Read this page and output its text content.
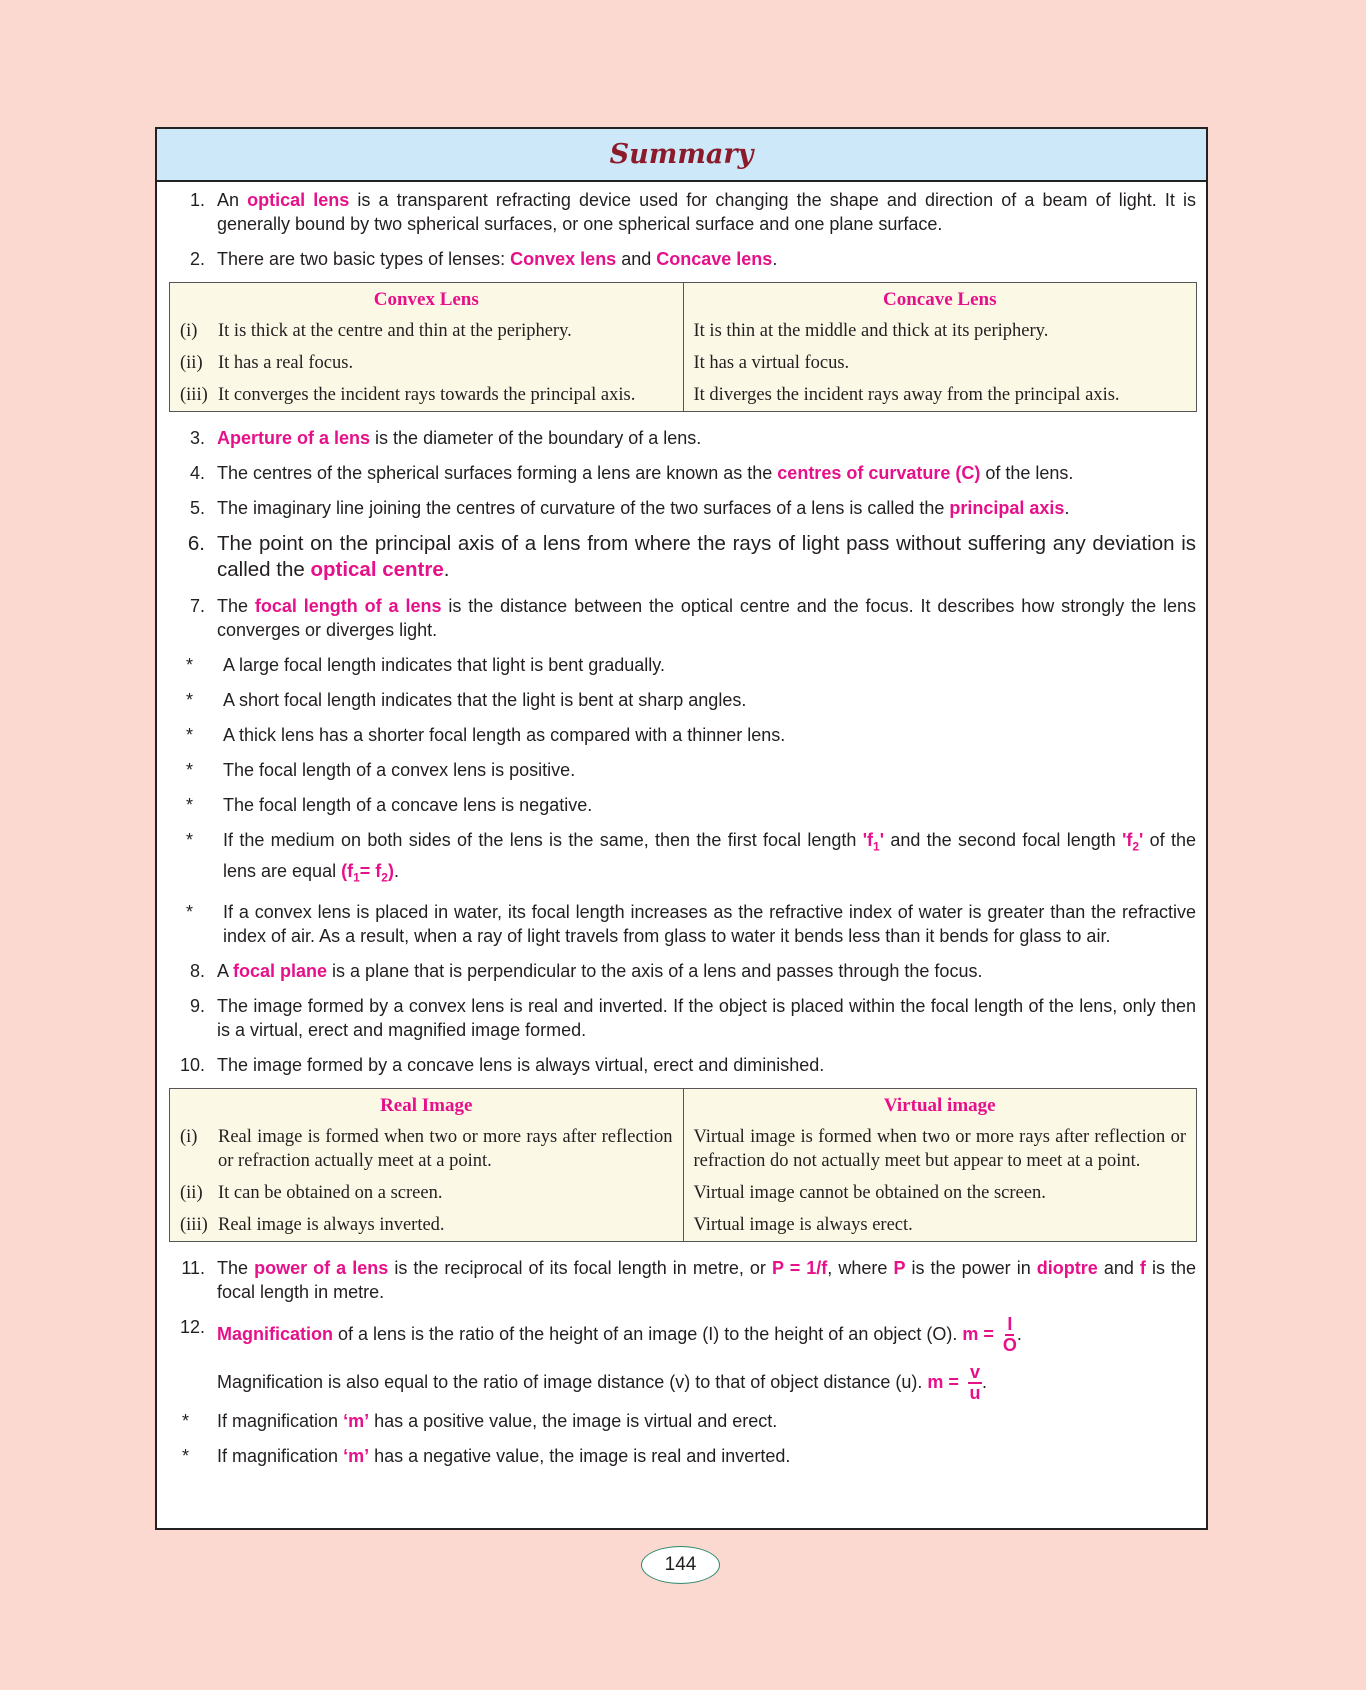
Summary
1. An optical lens is a transparent refracting device used for changing the shape and direction of a beam of light. It is generally bound by two spherical surfaces, or one spherical surface and one plane surface.
2. There are two basic types of lenses: Convex lens and Concave lens.
Convex Lens	Concave Lens

(i) It is thick at the centre and thin at the periphery.	It is thin at the middle and thick at its periphery.

(ii) It has a real focus.	It has a virtual focus.

(iii) It converges the incident rays towards the principal axis.	It diverges the incident rays away from the principal axis.
3. Aperture of a lens is the diameter of the boundary of a lens.
4. The centres of the spherical surfaces forming a lens are known as the centres of curvature (C) of the lens.
5. The imaginary line joining the centres of curvature of the two surfaces of a lens is called the principal axis.
6. The point on the principal axis of a lens from where the rays of light pass without suffering any deviation is called the optical centre.
7. The focal length of a lens is the distance between the optical centre and the focus. It describes how strongly the lens converges or diverges light.
*	A large focal length indicates that light is bent gradually.
*	A short focal length indicates that the light is bent at sharp angles.
*	A thick lens has a shorter focal length as compared with a thinner lens.
*	The focal length of a convex lens is positive.
*	The focal length of a concave lens is negative.
*	If the medium on both sides of the lens is the same, then the first focal length '$f_1$' and the second focal length '$f_2$' of the lens are equal $(f_1= f_2)$.
*	If a convex lens is placed in water, its focal length increases as the refractive index of water is greater than the refractive index of air. As a result, when a ray of light travels from glass to water it bends less than it bends for glass to air.
8. A focal plane is a plane that is perpendicular to the axis of a lens and passes through the focus.
9. The image formed by a convex lens is real and inverted. If the object is placed within the focal length of the lens, only then is a virtual, erect and magnified image formed.
10. The image formed by a concave lens is always virtual, erect and diminished.
Real Image	Virtual image

(i) Real image is formed when two or more rays after reflection or refraction actually meet at a point.	Virtual image is formed when two or more rays after reflection or refraction do not actually meet but appear to meet at a point.

(ii) It can be obtained on a screen.	Virtual image cannot be obtained on the screen.

(iii) Real image is always inverted.	Virtual image is always erect.
11. The power of a lens is the reciprocal of its focal length in metre, or P = 1/f, where P is the power in dioptre and f is the focal length in metre.
12. Magnification of a lens is the ratio of the height of an image (I) to the height of an object (O). $m = \frac{I}{O}$ .
Magnification is also equal to the ratio of image distance (v) to that of object distance (u). $m = \frac{v}{u}$ .
*	If magnification ‘m’ has a positive value, the image is virtual and erect.
*	If magnification ‘m’ has a negative value, the image is real and inverted.
144
